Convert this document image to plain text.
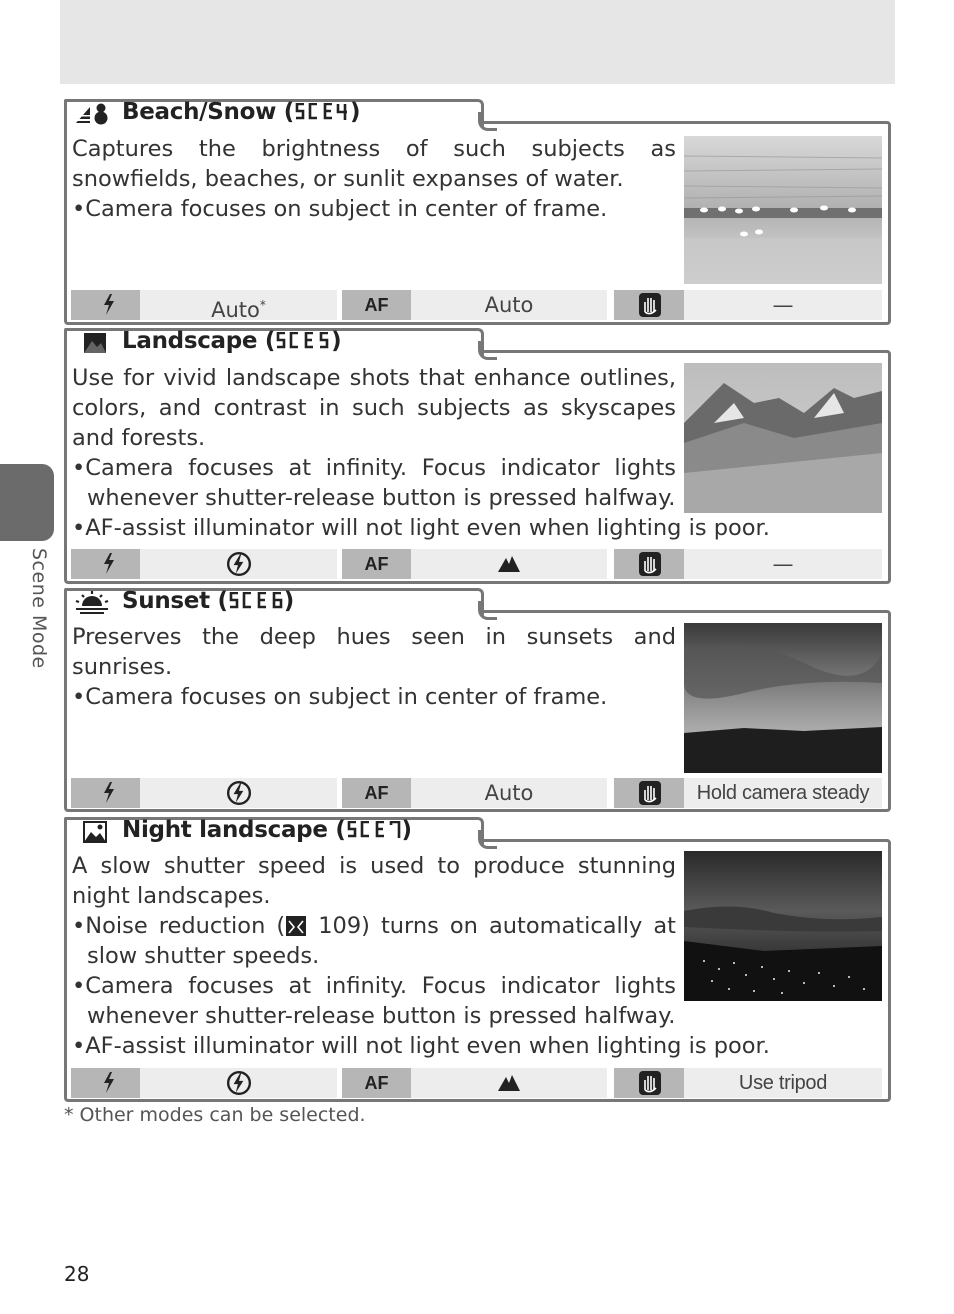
Scene Mode
Beach/Snow ( )

Captures the brightness of such subjects as snowfields, beaches, or sunlit expanses of water.

•Camera focuses on subject in center of frame.

Auto*	AF	Auto	—
Landscape ( )

Use for vivid landscape shots that enhance outlines, colors, and contrast in such subjects as skyscapes and forests.

•Camera focuses at infinity. Focus indicator lights whenever shutter-release button is pressed halfway.

•AF-assist illuminator will not light even when lighting is poor.

AF	—
Sunset ( )

Preserves the deep hues seen in sunsets and sunrises.

•Camera focuses on subject in center of frame.

AF	Auto	Hold camera steady
Night landscape ( )

A slow shutter speed is used to produce stunning night landscapes.

•Noise reduction ( 109) turns on automatically at slow shutter speeds.

•Camera focuses at infinity. Focus indicator lights whenever shutter-release button is pressed halfway.

•AF-assist illuminator will not light even when lighting is poor.

AF	Use tripod
* Other modes can be selected.
28
